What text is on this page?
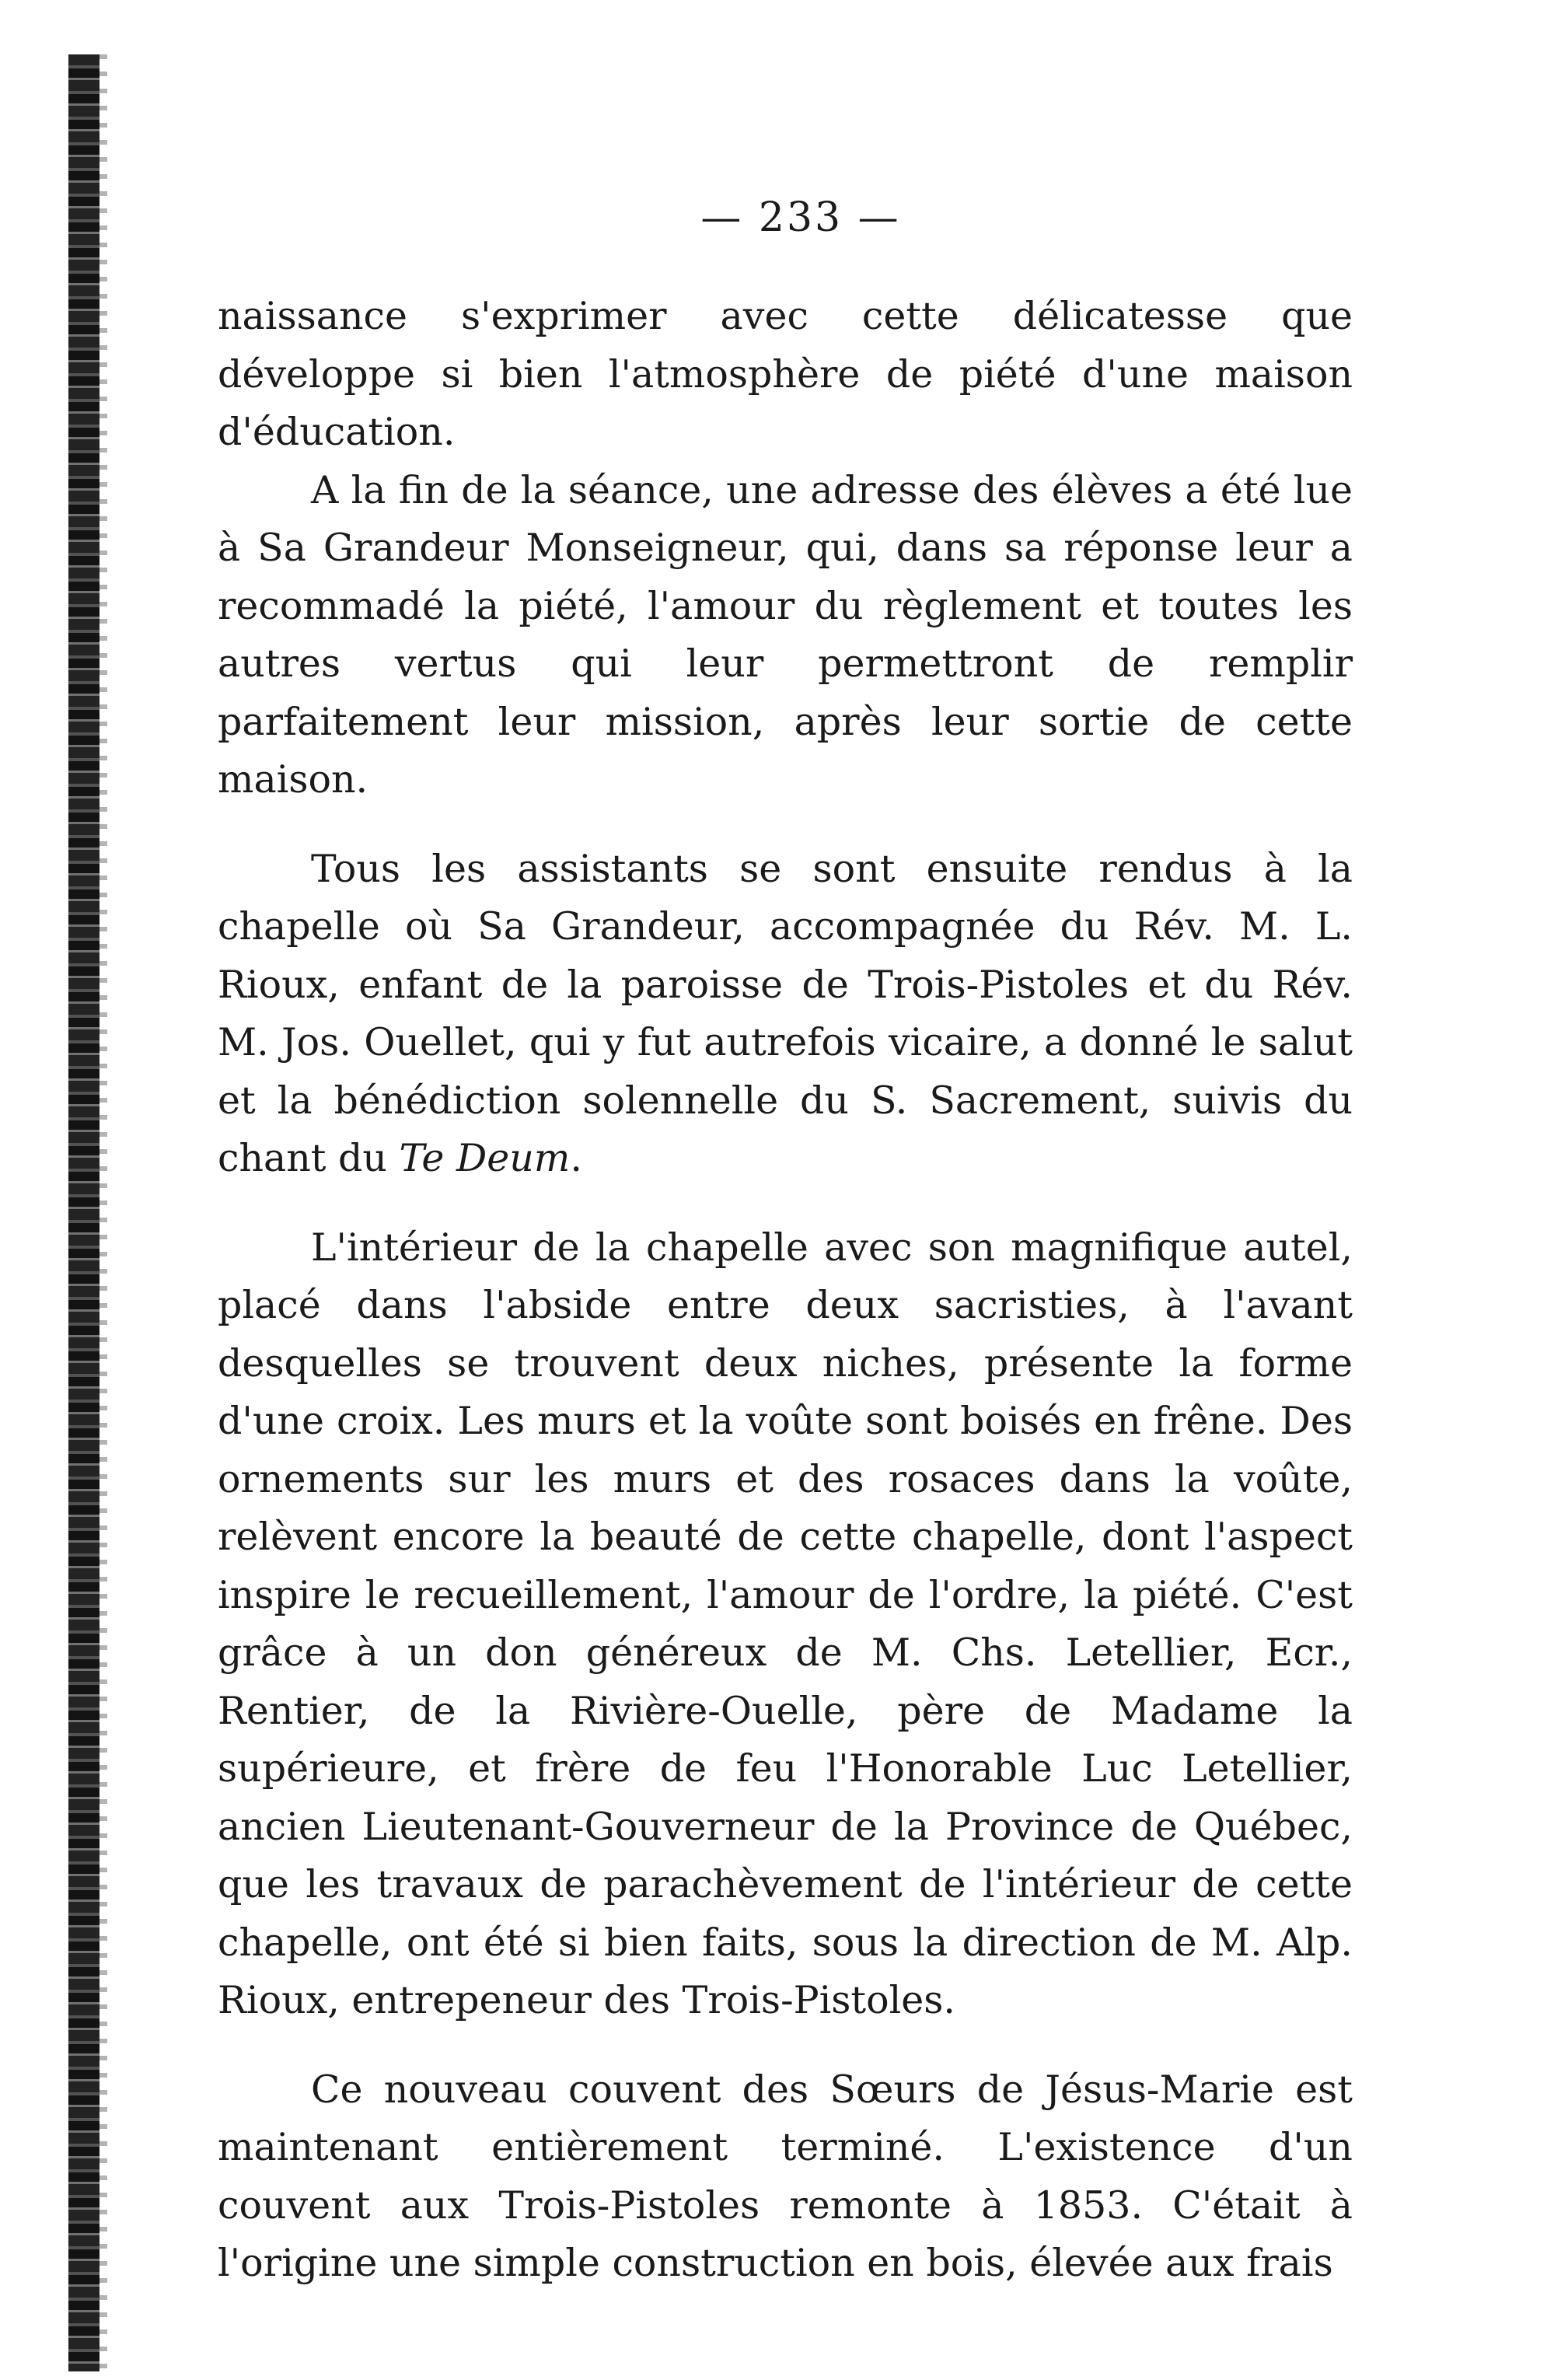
— 233 —

naissance s'exprimer avec cette délicatesse que développe si bien l'atmosphère de piété d'une maison d'éducation.

A la fin de la séance, une adresse des élèves a été lue à Sa Grandeur Monseigneur, qui, dans sa réponse leur a recommadé la piété, l'amour du règlement et toutes les autres vertus qui leur permettront de remplir parfaitement leur mission, après leur sortie de cette maison.

Tous les assistants se sont ensuite rendus à la chapelle où Sa Grandeur, accompagnée du Rév. M. L. Rioux, enfant de la paroisse de Trois-Pistoles et du Rév. M. Jos. Ouellet, qui y fut autrefois vicaire, a donné le salut et la bénédiction solennelle du S. Sacrement, suivis du chant du Te Deum.

L'intérieur de la chapelle avec son magnifique autel, placé dans l'abside entre deux sacristies, à l'avant desquelles se trouvent deux niches, présente la forme d'une croix. Les murs et la voûte sont boisés en frêne. Des ornements sur les murs et des rosaces dans la voûte, relèvent encore la beauté de cette chapelle, dont l'aspect inspire le recueillement, l'amour de l'ordre, la piété. C'est grâce à un don généreux de M. Chs. Letellier, Ecr., Rentier, de la Rivière-Ouelle, père de Madame la supérieure, et frère de feu l'Honorable Luc Letellier, ancien Lieutenant-Gouverneur de la Province de Québec, que les travaux de parachèvement de l'intérieur de cette chapelle, ont été si bien faits, sous la direction de M. Alp. Rioux, entrepeneur des Trois-Pistoles.

Ce nouveau couvent des Sœurs de Jésus-Marie est maintenant entièrement terminé. L'existence d'un couvent aux Trois-Pistoles remonte à 1853. C'était à l'origine une simple construction en bois, élevée aux frais
